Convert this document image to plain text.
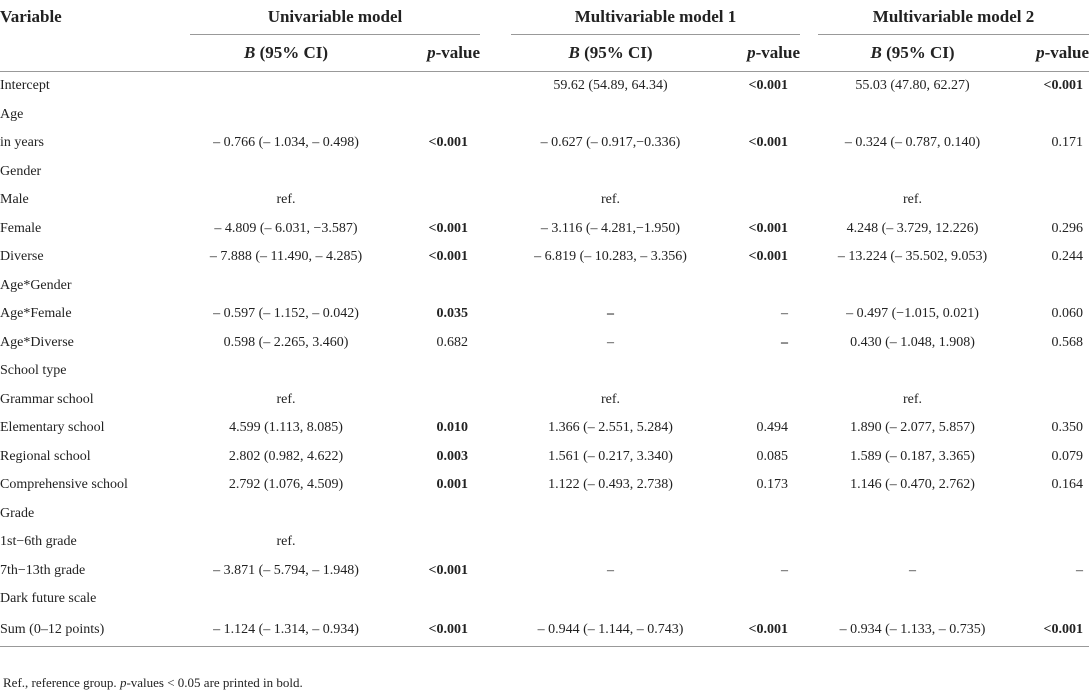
Variable	Univariable model			Multivariable model 1			Multivariable model 2	
	B (95% CI)	p-value		B (95% CI)	p-value		B (95% CI)	p-value
Intercept				59.62 (54.89, 64.34)	<0.001		55.03 (47.80, 62.27)	<0.001
Age								
in years	– 0.766 (– 1.034, – 0.498)	<0.001		– 0.627 (– 0.917,−0.336)	<0.001		– 0.324 (– 0.787, 0.140)	0.171
Gender								
Male	ref.			ref.			ref.	
Female	– 4.809 (– 6.031, −3.587)	<0.001		– 3.116 (– 4.281,−1.950)	<0.001		4.248 (– 3.729, 12.226)	0.296
Diverse	– 7.888 (– 11.490, – 4.285)	<0.001		– 6.819 (– 10.283, – 3.356)	<0.001		– 13.224 (– 35.502, 9.053)	0.244
Age*Gender								
Age*Female	– 0.597 (– 1.152, – 0.042)	0.035		–	–		– 0.497 (−1.015, 0.021)	0.060
Age*Diverse	0.598 (– 2.265, 3.460)	0.682		–	–		0.430 (– 1.048, 1.908)	0.568
School type								
Grammar school	ref.			ref.			ref.	
Elementary school	4.599 (1.113, 8.085)	0.010		1.366 (– 2.551, 5.284)	0.494		1.890 (– 2.077, 5.857)	0.350
Regional school	2.802 (0.982, 4.622)	0.003		1.561 (– 0.217, 3.340)	0.085		1.589 (– 0.187, 3.365)	0.079
Comprehensive school	2.792 (1.076, 4.509)	0.001		1.122 (– 0.493, 2.738)	0.173		1.146 (– 0.470, 2.762)	0.164
Grade								
1st−6th grade	ref.							
7th−13th grade	– 3.871 (– 5.794, – 1.948)	<0.001		–	–		–	–
Dark future scale								
Sum (0–12 points)	– 1.124 (– 1.314, – 0.934)	<0.001		– 0.944 (– 1.144, – 0.743)	<0.001		– 0.934 (– 1.133, – 0.735)	<0.001
Ref., reference group. p-values < 0.05 are printed in bold.
